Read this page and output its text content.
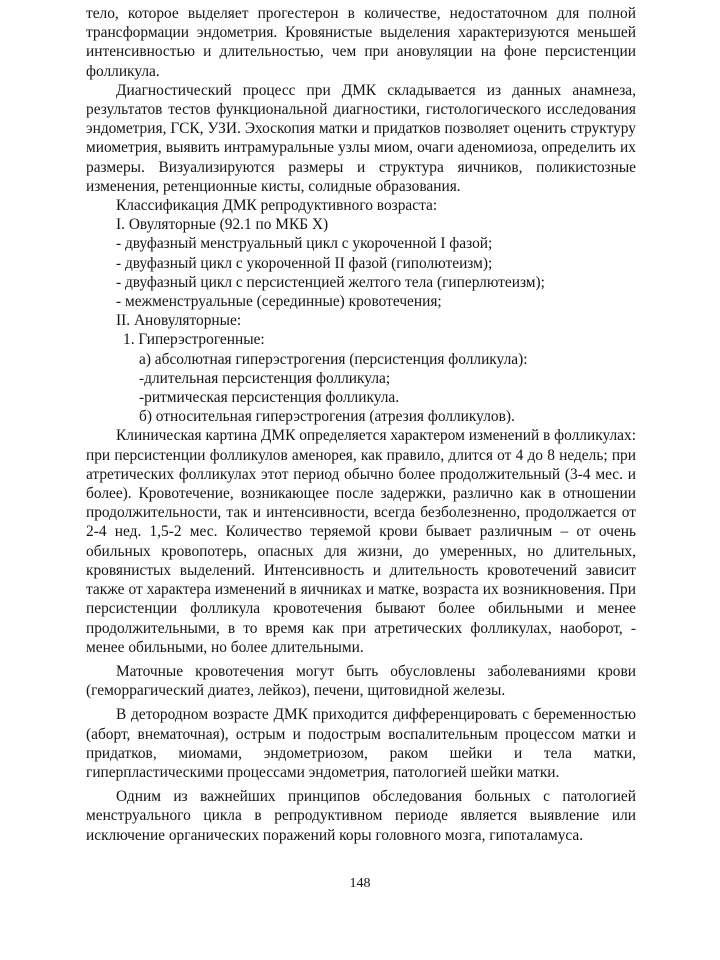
тело, которое выделяет прогестерон в количестве, недостаточном для полной трансформации эндометрия. Кровянистые выделения характеризуются меньшей интенсивностью и длительностью, чем при ановуляции на фоне персистенции фолликула.

Диагностический процесс при ДМК складывается из данных анамнеза, результатов тестов функциональной диагностики, гистологического исследования эндометрия, ГСК, УЗИ. Эхоскопия матки и придатков позволяет оценить структуру миометрия, выявить интрамуральные узлы миом, очаги аденомиоза, определить их размеры. Визуализируются размеры и структура яичников, поликистозные изменения, ретенционные кисты, солидные образования.

Классификация ДМК репродуктивного возраста:
I. Овуляторные (92.1 по МКБ X)
- двуфазный менструальный цикл с укороченной I фазой;
- двуфазный цикл с укороченной II фазой (гиполютеизм);
- двуфазный цикл с персистенцией желтого тела (гиперлютеизм);
- межменструальные (серединные) кровотечения;
II. Ановуляторные:
1. Гиперэстрогенные:
а) абсолютная гиперэстрогения (персистенция фолликула):
-длительная персистенция фолликула;
-ритмическая персистенция фолликула.
б) относительная гиперэстрогения (атрезия фолликулов).

Клиническая картина ДМК определяется характером изменений в фолликулах: при персистенции фолликулов аменорея, как правило, длится от 4 до 8 недель; при атретических фолликулах этот период обычно более продолжительный (3-4 мес. и более). Кровотечение, возникающее после задержки, различно как в отношении продолжительности, так и интенсивности, всегда безболезненно, продолжается от 2-4 нед. 1,5-2 мес. Количество теряемой крови бывает различным – от очень обильных кровопотерь, опасных для жизни, до умеренных, но длительных, кровянистых выделений. Интенсивность и длительность кровотечений зависит также от характера изменений в яичниках и матке, возраста их возникновения. При персистенции фолликула кровотечения бывают более обильными и менее продолжительными, в то время как при атретических фолликулах, наоборот, - менее обильными, но более длительными.

Маточные кровотечения могут быть обусловлены заболеваниями крови (геморрагический диатез, лейкоз), печени, щитовидной железы.

В детородном возрасте ДМК приходится дифференцировать с беременностью (аборт, внематочная), острым и подострым воспалительным процессом матки и придатков, миомами, эндометриозом, раком шейки и тела матки, гиперпластическими процессами эндометрия, патологией шейки матки.

Одним из важнейших принципов обследования больных с патологией менструального цикла в репродуктивном периоде является выявление или исключение органических поражений коры головного мозга, гипоталамуса.

148
